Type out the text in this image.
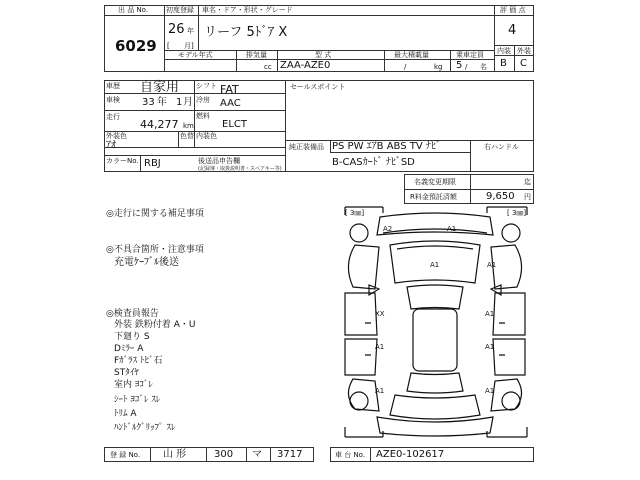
出 品 No.
6029
初度登録
26 年
[ 月]
車名・ドア・形状・グレード
リーフ 5ﾄﾞｱ X
評 価 点
4
内装 外装
B C
モデル年式	排気量
cc
型 式
ZAA-AZE0
最大積載量
/	kg
乗車定員
5 / 名
車歴 自家用 シフト FAT
車検 33 年 1 月 冷房 AAC
走行
44,277 km
燃料
ELCT
外装色
ｱｵ
色替 内装色
カラーNo. RBJ	後送品申告欄
(記録簿・取扱説明書・スペアキー等)
セールスポイント
純正装備品 PS PW ｴｱB ABS TV ﾅﾋﾞ
B-CASｶｰﾄﾞ ﾅﾋﾞSD
右ハンドル
名義変更期限	迄
R料金預託済額	9,650 円
◎走行に関する補足事項
◎不具合箇所・注意事項
充電ｹｰﾌﾞﾙ後送
◎検査員報告
外装 鉄粉付着 A・U
下廻り S
Dﾐﾗｰ A
Fｶﾞﾗｽ ﾄﾋﾞ石
STﾀｲﾔ
室内 ﾖｺﾞﾚ
ｼｰﾄ ﾖｺﾞﾚ ｽﾚ
ﾄﾘﾑ A
ﾊﾝﾄﾞﾙｸﾞﾘｯﾌﾟ ｽﾚ
[ 3㎜]	[ 3㎜]
A2	A1
A1	A1
XX	A1
A1	A1
A1	A1
登 録 No. 山 形	300 マ 3717	車 台 No. AZE0-102617
